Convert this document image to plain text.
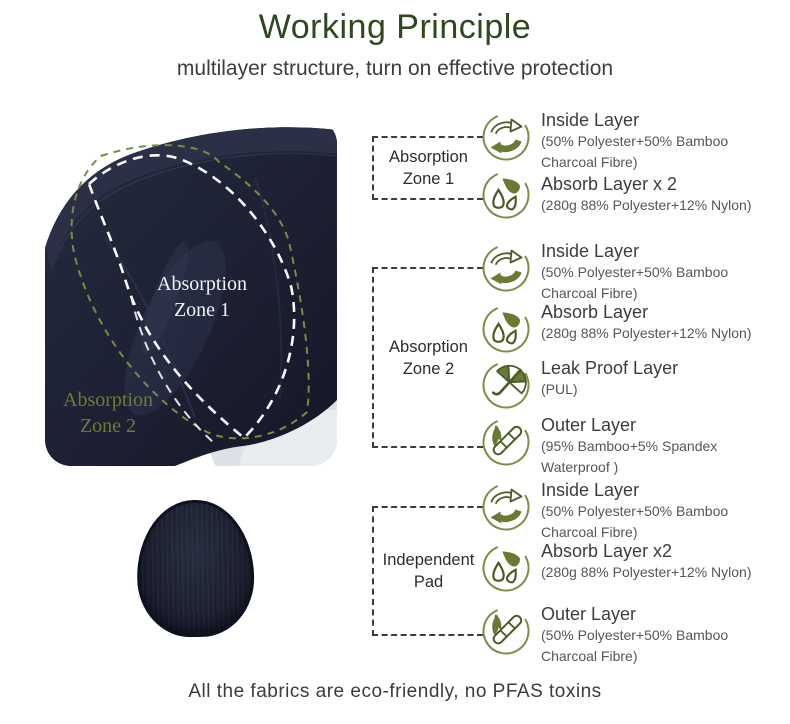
Working Principle
multilayer structure, turn on effective protection
Absorption
Zone 1
Absorption
Zone 2
Absorption
Zone 1
Absorption
Zone 2
Independent
Pad
Inside Layer
(50% Polyester+50% Bamboo
Charcoal Fibre)
Absorb Layer x 2
(280g 88% Polyester+12% Nylon)
Inside Layer
(50% Polyester+50% Bamboo
Charcoal Fibre)
Absorb Layer
(280g 88% Polyester+12% Nylon)
Leak Proof Layer
(PUL)
Outer Layer
(95% Bamboo+5% Spandex
Waterproof )
Inside Layer
(50% Polyester+50% Bamboo
Charcoal Fibre)
Absorb Layer x2
(280g 88% Polyester+12% Nylon)
Outer Layer
(50% Polyester+50% Bamboo
Charcoal Fibre)
All the fabrics are eco-friendly, no PFAS toxins
